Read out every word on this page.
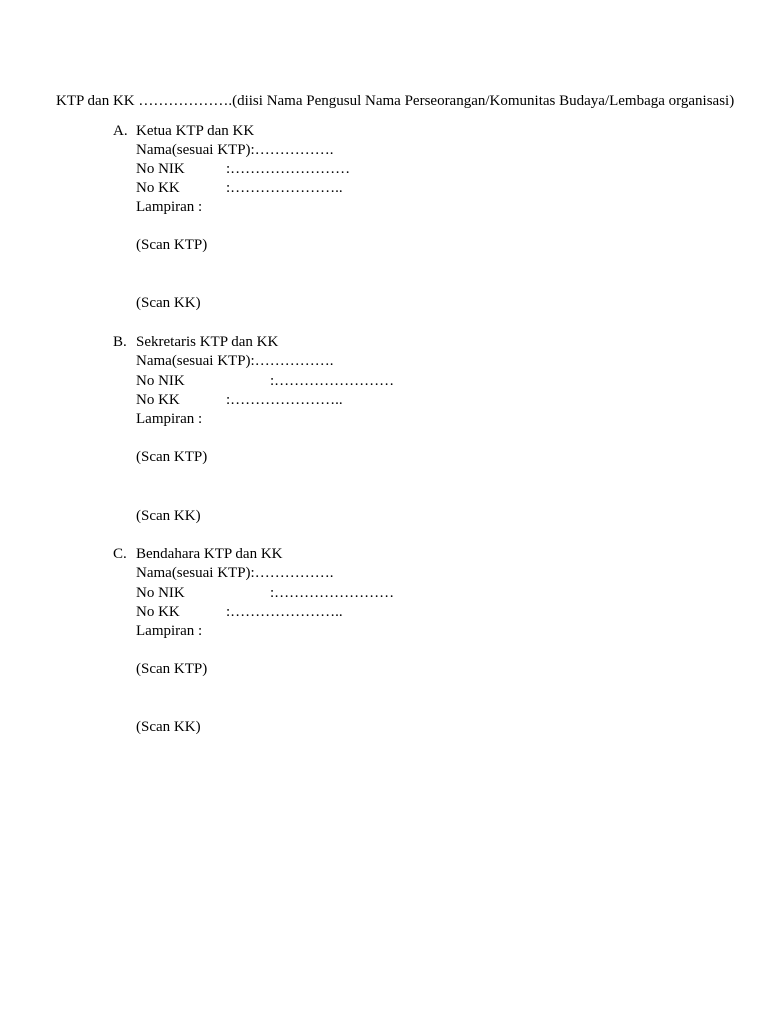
KTP dan KK ……………….(diisi Nama Pengusul Nama Perseorangan/Komunitas Budaya/Lembaga organisasi)
A. Ketua KTP dan KK
Nama(sesuai KTP):…………….
No NIK	:……………………
No KK	:…………………..
Lampiran :
(Scan KTP)
(Scan KK)
B. Sekretaris KTP dan KK
Nama(sesuai KTP):…………….
No NIK	:……………………
No KK	:…………………..
Lampiran :
(Scan KTP)
(Scan KK)
C. Bendahara KTP dan KK
Nama(sesuai KTP):…………….
No NIK	:……………………
No KK	:…………………..
Lampiran :
(Scan KTP)
(Scan KK)
